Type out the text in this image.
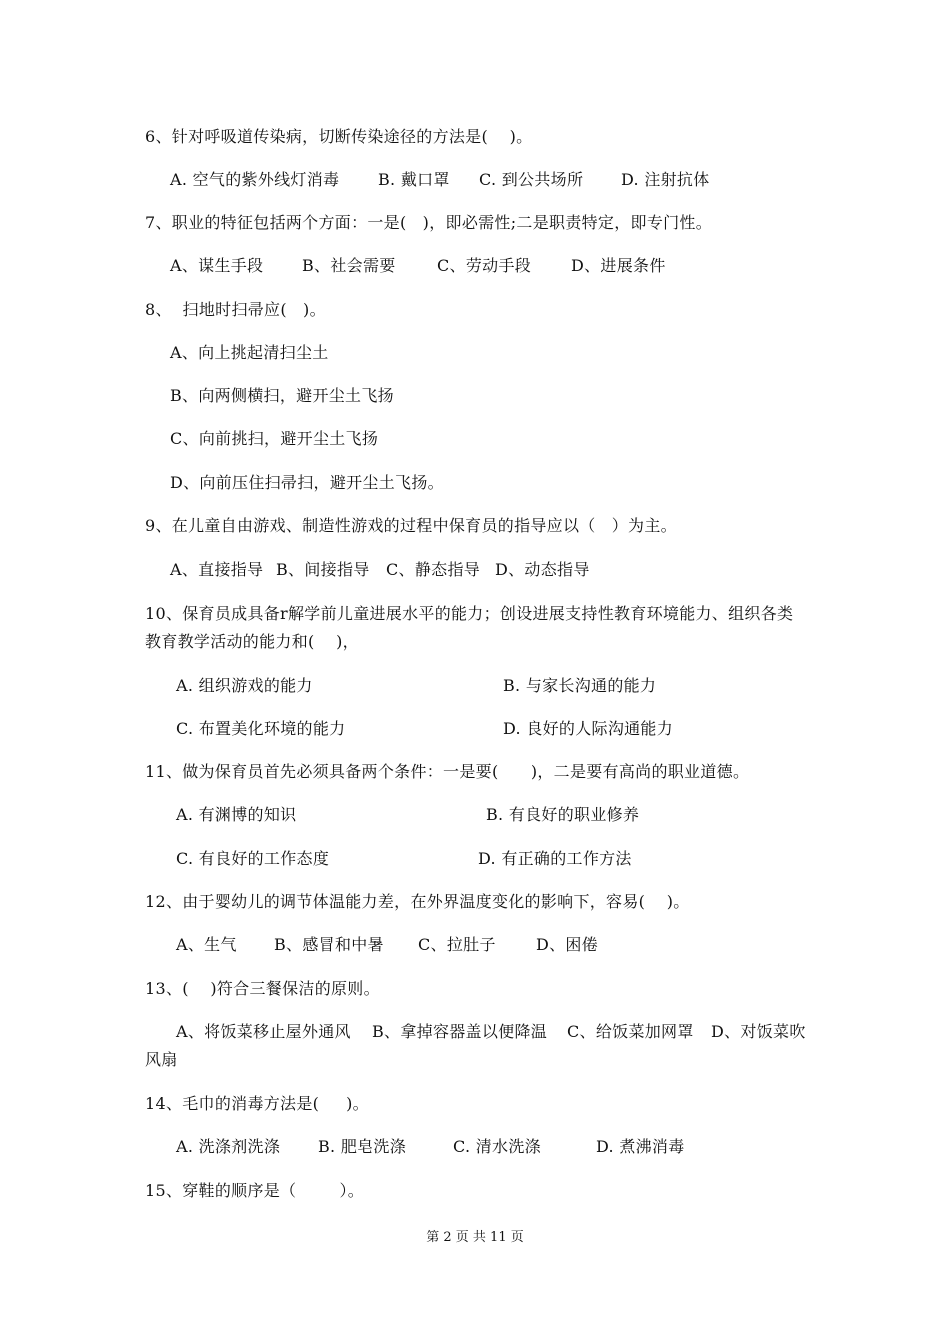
6、针对呼吸道传染病，切断传染途径的方法是(    )。
A. 空气的紫外线灯消毒 B. 戴口罩 C. 到公共场所 D. 注射抗体
7、职业的特征包括两个方面：一是(   )，即必需性;二是职责特定，即专门性。
A、谋生手段 B、社会需要	C、劳动手段 D、进展条件
8、  扫地时扫帚应(   )。
A、向上挑起清扫尘土
B、向两侧横扫，避开尘土飞扬
C、向前挑扫，避开尘土飞扬
D、向前压住扫帚扫，避开尘土飞扬。
9、在儿童自由游戏、制造性游戏的过程中保育员的指导应以（   ）为主。
A、直接指导 B、间接指导 C、静态指导 D、动态指导
10、保育员成具备r解学前儿童进展水平的能力；创设进展支持性教育环境能力、组织各类
教育教学活动的能力和(    )，
A. 组织游戏的能力	B. 与家长沟通的能力
C. 布置美化环境的能力	D. 良好的人际沟通能力
11、做为保育员首先必须具备两个条件：一是要(      )，二是要有高尚的职业道德。
A. 有渊博的知识	B. 有良好的职业修养
C. 有良好的工作态度	D. 有正确的工作方法
12、由于婴幼儿的调节体温能力差，在外界温度变化的影响下，容易(    )。
A、生气 B、感冒和中暑 C、拉肚子	D、困倦
13、(    )符合三餐保洁的原则。
A、将饭菜移止屋外通风 B、拿掉容器盖以便降温 C、给饭菜加网罩 D、对饭菜吹
风扇
14、毛巾的消毒方法是(     )。
A. 洗涤剂洗涤 B. 肥皂洗涤	C. 清水洗涤	D. 煮沸消毒
15、穿鞋的顺序是（        ）。
第 2 页 共 11 页
